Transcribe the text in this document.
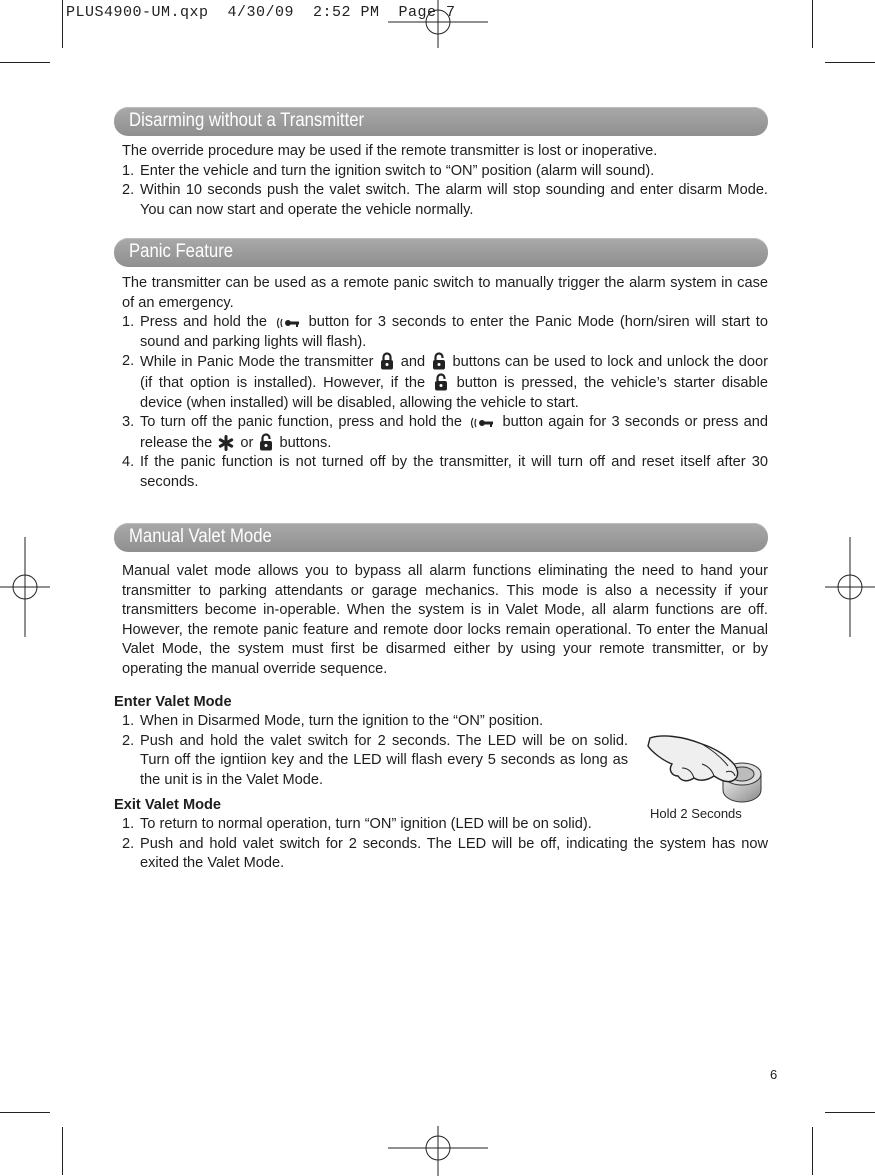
PLUS4900-UM.qxp  4/30/09  2:52 PM  Page 7
Disarming without a Transmitter

The override procedure may be used if the remote transmitter is lost or inoperative.

1. Enter the vehicle and turn the ignition switch to “ON” position (alarm will sound).
2. Within 10 seconds push the valet switch. The alarm will stop sounding and enter disarm Mode. You can now start and operate the vehicle normally.
Panic Feature

The transmitter can be used as a remote panic switch to manually trigger the alarm system in case of an emergency.

1. Press and hold the	button for 3 seconds to enter the Panic Mode (horn/siren will start to sound and parking lights will flash).
2. While in Panic Mode the transmitter and buttons can be used to lock and unlock the door (if that option is installed). However, if the button is pressed, the vehicle’s starter disable device (when installed) will be disabled, allowing the vehicle to start.
3. To turn off the panic function, press and hold the	button again for 3 seconds or press and release the or buttons.
4. If the panic function is not turned off by the transmitter, it will turn off and reset itself after 30 seconds.
Manual Valet Mode

Manual valet mode allows you to bypass all alarm functions eliminating the need to hand your transmitter to parking attendants or garage mechanics. This mode is also a necessity if your transmitters become in-operable. When the system is in Valet Mode, all alarm functions are off. However, the remote panic feature and remote door locks remain operational. To enter the Manual Valet Mode, the system must first be disarmed either by using your remote transmitter, or by operating the manual override sequence.

Enter Valet Mode

1. When in Disarmed Mode, turn the ignition to the “ON” position.
2. Push and hold the valet switch for 2 seconds. The LED will be on solid. Turn off the igntiion key and the LED will flash every 5 seconds as long as the unit is in the Valet Mode.

Exit Valet Mode

1. To return to normal operation, turn “ON” ignition (LED will be on solid).
2. Push and hold valet switch for 2 seconds. The LED will be off, indicating the system has now exited the Valet Mode.
Hold 2 Seconds
6
